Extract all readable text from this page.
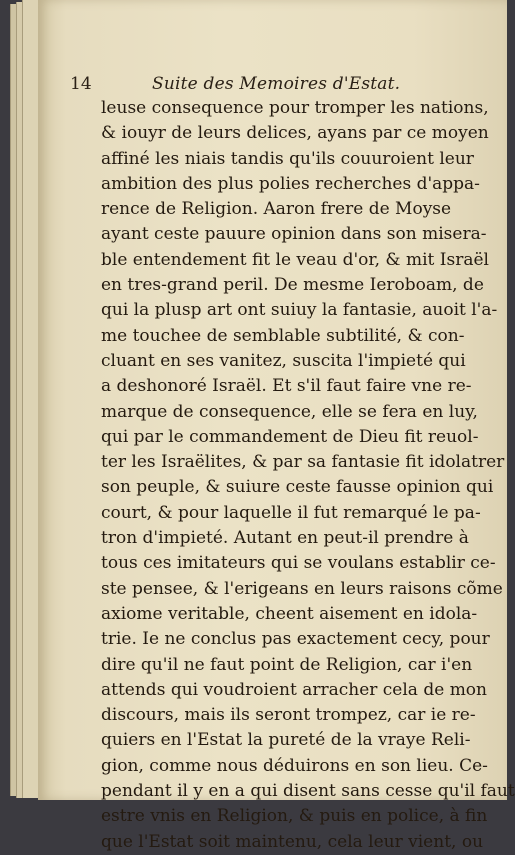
14	Suite des Memoires d'Estat.
leuse consequence pour tromper les nations,
& iouyr de leurs delices, ayans par ce moyen
affiné les niais tandis qu'ils couuroient leur
ambition des plus polies recherches d'appa-
rence de Religion. Aaron frere de Moyse
ayant ceste pauure opinion dans son misera-
ble entendement fit le veau d'or, & mit Israël
en tres-grand peril. De mesme Ieroboam, de
qui la plusp art ont suiuy la fantasie, auoit l'a-
me touchee de semblable subtilité, & con-
cluant en ses vanitez, suscita l'impieté qui
a deshonoré Israël. Et s'il faut faire vne re-
marque de consequence, elle se fera en luy,
qui par le commandement de Dieu fit reuol-
ter les Israëlites, & par sa fantasie fit idolatrer
son peuple, & suiure ceste fausse opinion qui
court, & pour laquelle il fut remarqué le pa-
tron d'impieté. Autant en peut-il prendre à
tous ces imitateurs qui se voulans establir ce-
ste pensee, & l'erigeans en leurs raisons cõme
axiome veritable, cheent aisement en idola-
trie. Ie ne conclus pas exactement cecy, pour
dire qu'il ne faut point de Religion, car i'en
attends qui voudroient arracher cela de mon
discours, mais ils seront trompez, car ie re-
quiers en l'Estat la pureté de la vraye Reli-
gion, comme nous déduirons en son lieu. Ce-
pendant il y en a qui disent sans cesse qu'il faut
estre vnis en Religion, & puis en police, à fin
que l'Estat soit maintenu, cela leur vient, ou
